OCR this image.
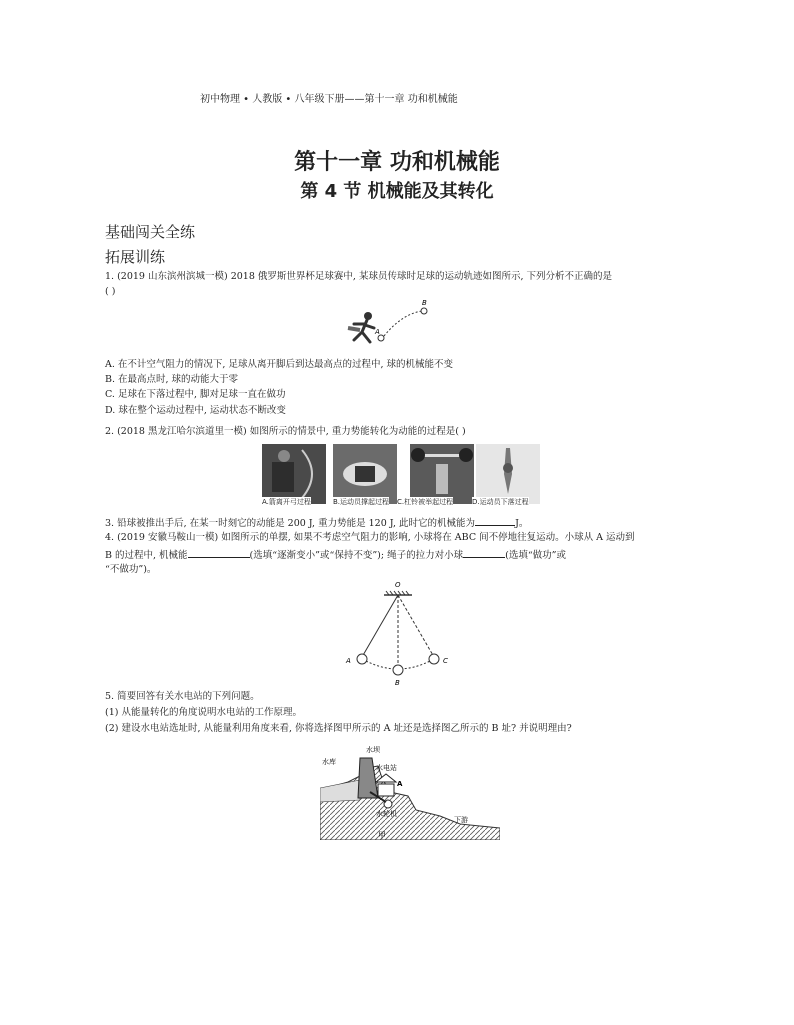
初中物理 • 人教版 • 八年级下册——第十一章 功和机械能
第十一章 功和机械能
第 4 节 机械能及其转化
基础闯关全练
拓展训练
1. (2019 山东滨州滨城一模) 2018 俄罗斯世界杯足球赛中, 某球员传球时足球的运动轨迹如图所示, 下列分析不正确的是
( )
A
B
A. 在不计空气阻力的情况下, 足球从离开脚后到达最高点的过程中, 球的机械能不变
B. 在最高点时, 球的动能大于零
C. 足球在下落过程中, 脚对足球一直在做功
D. 球在整个运动过程中, 运动状态不断改变
2. (2018 黑龙江哈尔滨道里一模) 如图所示的情景中, 重力势能转化为动能的过程是( )
A.箭离开弓过程	B.运动员撑起过程 C.杠铃被举起过程	D.运动员下落过程
3. 铅球被推出手后, 在某一时刻它的动能是 200 J, 重力势能是 120 J, 此时它的机械能为	J。
4. (2019 安徽马鞍山一模) 如图所示的单摆, 如果不考虑空气阻力的影响, 小球将在 ABC 间不停地往复运动。小球从 A 运动到
B 的过程中, 机械能	(选填“逐渐变小”或“保持不变”); 绳子的拉力对小球	(选填“做功”或
“不做功”)。
O
A
B
C
5. 简要回答有关水电站的下列问题。
(1) 从能量转化的角度说明水电站的工作原理。
(2) 建设水电站选址时, 从能量利用角度来看, 你将选择图甲所示的 A 址还是选择图乙所示的 B 址? 并说明理由?
水坝
水库
水电站
A
水轮机
下游
甲
